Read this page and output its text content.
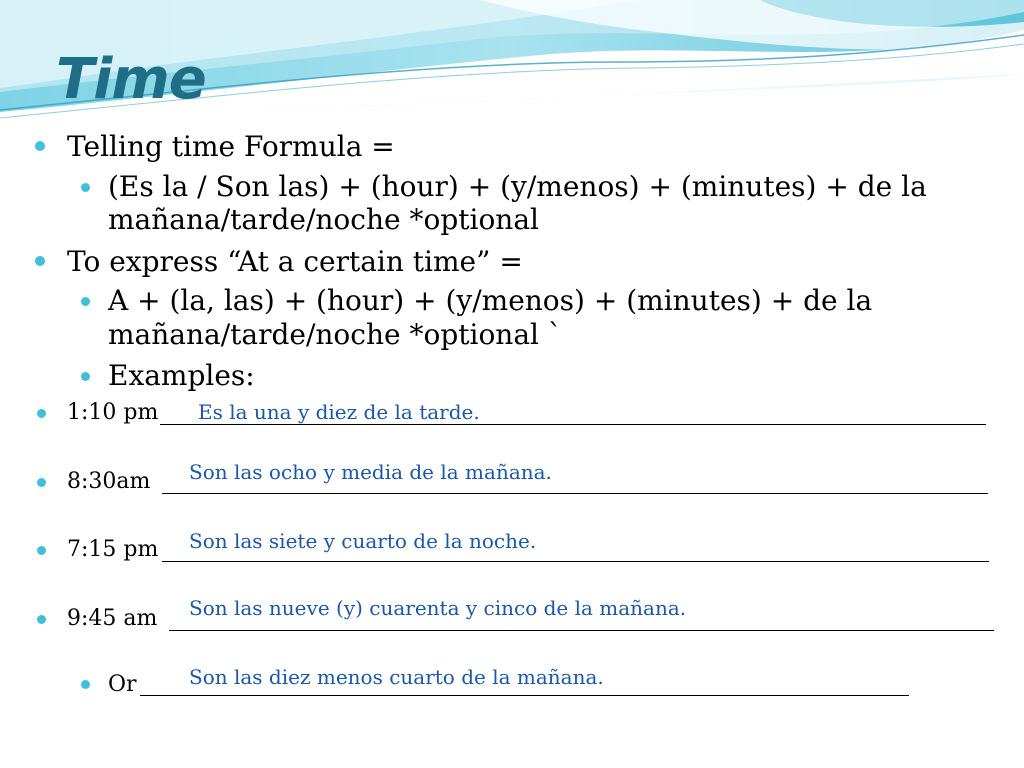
Time
Telling time Formula =
(Es la / Son las) + (hour) + (y/menos) + (minutes) + de la
mañana/tarde/noche *optional
To express “At a certain time” =
A + (la, las) + (hour) + (y/menos) + (minutes) + de la
mañana/tarde/noche *optional `
Examples:
1:10 pm Es la una y diez de la tarde.
8:30am Son las ocho y media de la mañana.
7:15 pm Son las siete y cuarto de la noche.
9:45 am Son las nueve (y) cuarenta y cinco de la mañana.
Or	Son las diez menos cuarto de la mañana.
